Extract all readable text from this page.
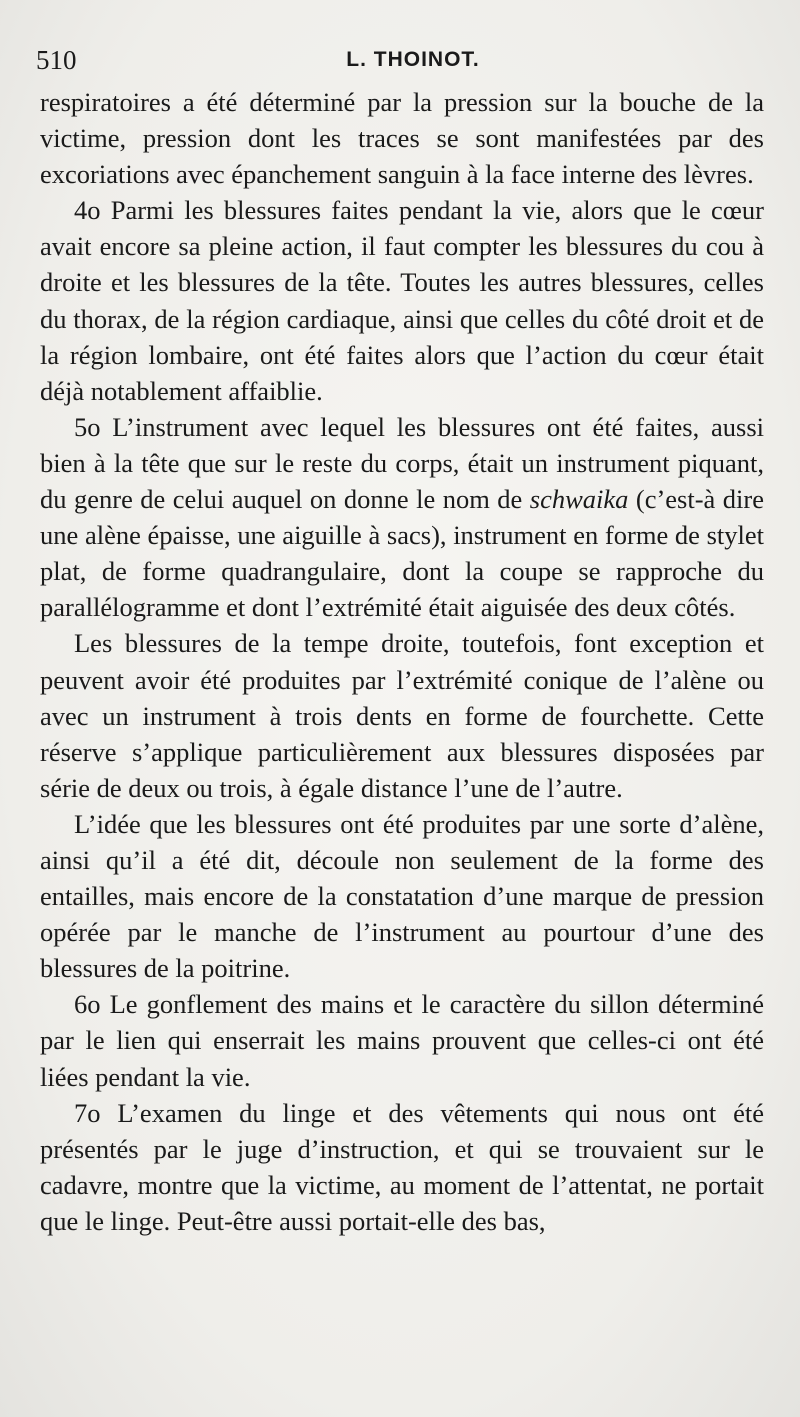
510	L. THOINOT.

respiratoires a été déterminé par la pression sur la bouche de la victime, pression dont les traces se sont manifestées par des excoriations avec épanchement sanguin à la face interne des lèvres.

4o Parmi les blessures faites pendant la vie, alors que le cœur avait encore sa pleine action, il faut compter les blessures du cou à droite et les blessures de la tête. Toutes les autres blessures, celles du thorax, de la région cardiaque, ainsi que celles du côté droit et de la région lombaire, ont été faites alors que l’action du cœur était déjà notablement affaiblie.

5o L’instrument avec lequel les blessures ont été faites, aussi bien à la tête que sur le reste du corps, était un instrument piquant, du genre de celui auquel on donne le nom de schwaika (c’est-à dire une alène épaisse, une aiguille à sacs), instrument en forme de stylet plat, de forme quadrangulaire, dont la coupe se rapproche du parallélogramme et dont l’extrémité était aiguisée des deux côtés.

Les blessures de la tempe droite, toutefois, font exception et peuvent avoir été produites par l’extrémité conique de l’alène ou avec un instrument à trois dents en forme de fourchette. Cette réserve s’applique particulièrement aux blessures disposées par série de deux ou trois, à égale distance l’une de l’autre.

L’idée que les blessures ont été produites par une sorte d’alène, ainsi qu’il a été dit, découle non seulement de la forme des entailles, mais encore de la constatation d’une marque de pression opérée par le manche de l’instrument au pourtour d’une des blessures de la poitrine.

6o Le gonflement des mains et le caractère du sillon déterminé par le lien qui enserrait les mains prouvent que celles-ci ont été liées pendant la vie.

7o L’examen du linge et des vêtements qui nous ont été présentés par le juge d’instruction, et qui se trouvaient sur le cadavre, montre que la victime, au moment de l’attentat, ne portait que le linge. Peut-être aussi portait-elle des bas,
